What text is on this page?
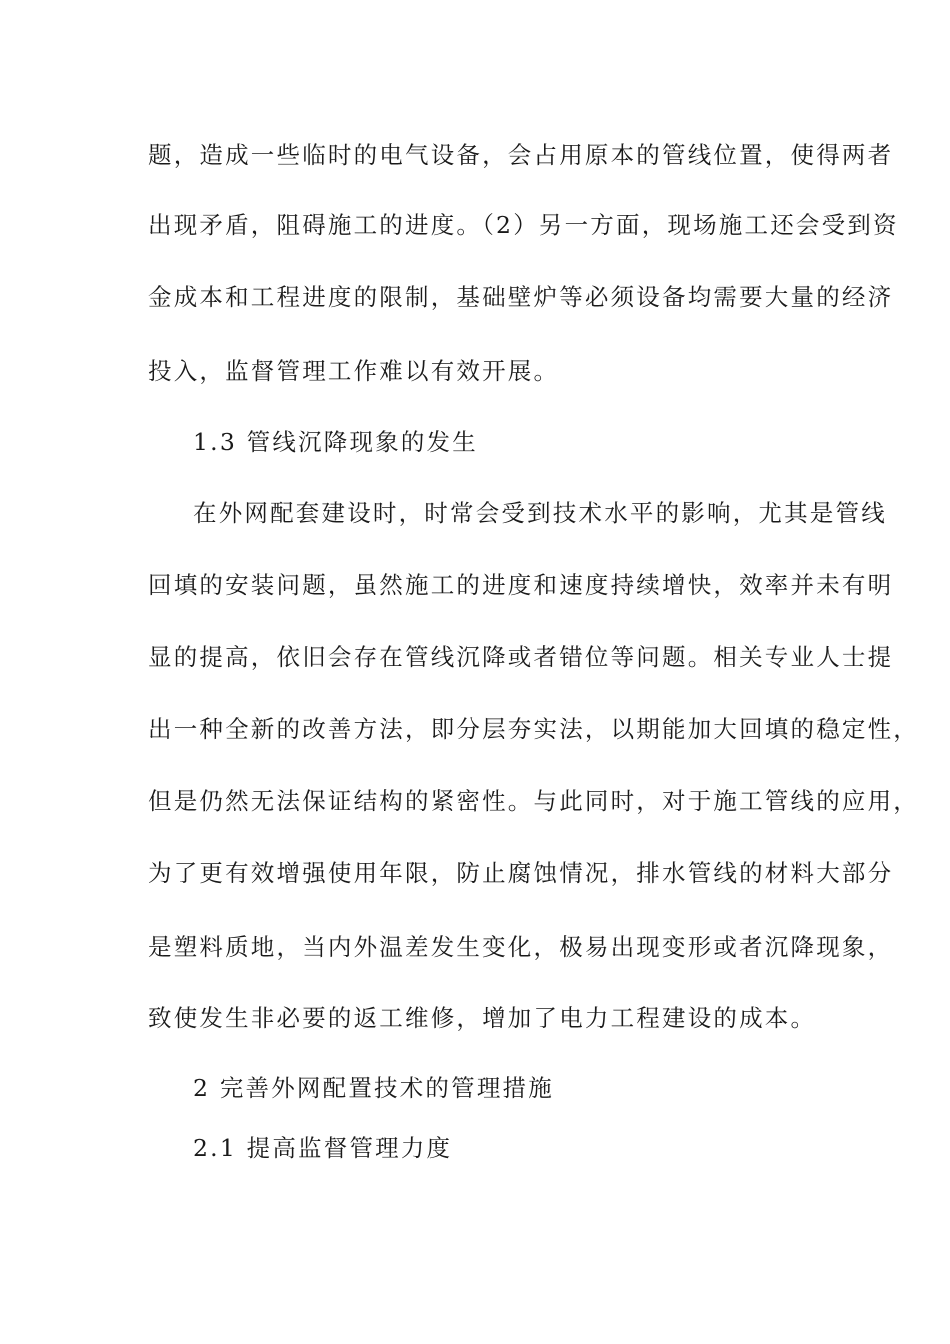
题，造成一些临时的电气设备，会占用原本的管线位置，使得两者
出现矛盾，阻碍施工的进度。（2）另一方面，现场施工还会受到资
金成本和工程进度的限制，基础壁炉等必须设备均需要大量的经济
投入，监督管理工作难以有效开展。
1.3 管线沉降现象的发生
在外网配套建设时，时常会受到技术水平的影响，尤其是管线
回填的安装问题，虽然施工的进度和速度持续增快，效率并未有明
显的提高，依旧会存在管线沉降或者错位等问题。相关专业人士提
出一种全新的改善方法，即分层夯实法，以期能加大回填的稳定性，
但是仍然无法保证结构的紧密性。与此同时，对于施工管线的应用，
为了更有效增强使用年限，防止腐蚀情况，排水管线的材料大部分
是塑料质地，当内外温差发生变化，极易出现变形或者沉降现象，
致使发生非必要的返工维修，增加了电力工程建设的成本。
2 完善外网配置技术的管理措施
2.1 提高监督管理力度
